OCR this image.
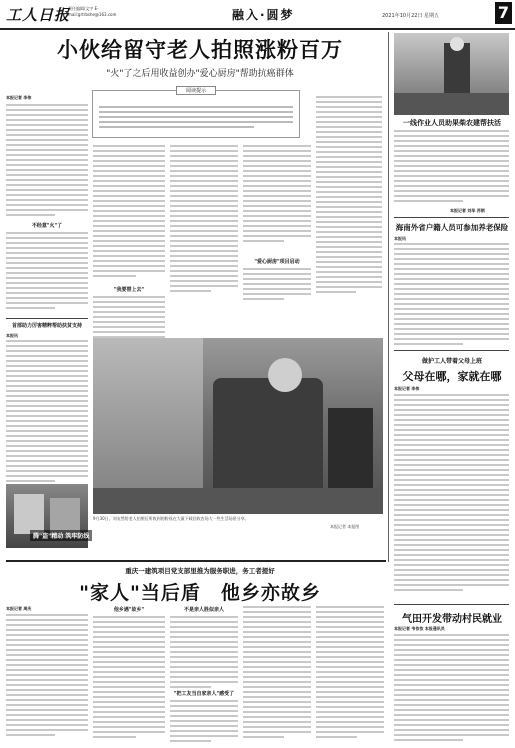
工人日报
责任编辑/文字 E-mail:grtrbshe@163.com	融入·圆梦	2021年10月22日 星期五	7
小伙给留守老人拍照涨粉百万
"火"了之后用收益创办"爱心厨房"帮助抗癌群体
阅读提示
本报记者 李伟
不经意"火"了
"我要替上去"
"爱心厨房"项目启动
9月30日，刘友然给老人拍照后所收到的粉丝在大量下载回收农场大一些生活场景分享。
本报记者 本报图
首部助力厉害精粹帮助扶贫支持
本报讯
腾"盗"精动 筑牢防线
一线作业人员助果柴农建帮扶活
本报记者 刘华 苏钢
海南外省户籍人员可参加养老保险
本报讯
做护工人带着父母上班
父母在哪，家就在哪
本报记者 李伟
气田开发带动村民就业
本报记者 韦依依 本报通讯员
重庆一建筑项目党支部里推为服务职进，务工者提好
"家人"当后盾　他乡亦故乡
本报记者 周庆	他乡遇"故乡"	不是亲人胜似亲人
"把工友当自家亲人"感受了
